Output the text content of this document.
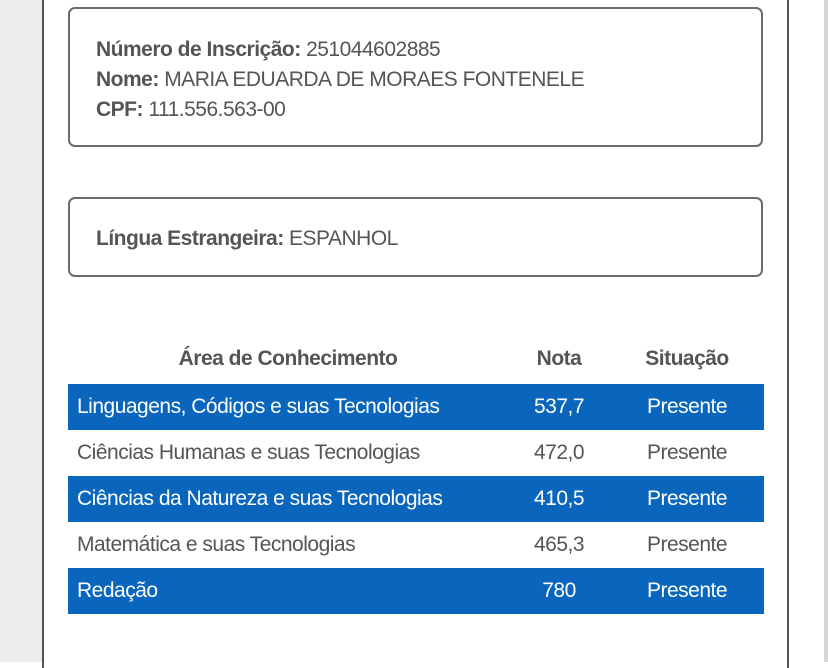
Número de Inscrição: 251044602885
Nome: MARIA EDUARDA DE MORAES FONTENELE
CPF: 111.556.563-00
Língua Estrangeira: ESPANHOL
Área de Conhecimento	Nota	Situação
Linguagens, Códigos e suas Tecnologias	537,7	Presente
Ciências Humanas e suas Tecnologias	472,0	Presente
Ciências da Natureza e suas Tecnologias	410,5	Presente
Matemática e suas Tecnologias	465,3	Presente
Redação	780	Presente
